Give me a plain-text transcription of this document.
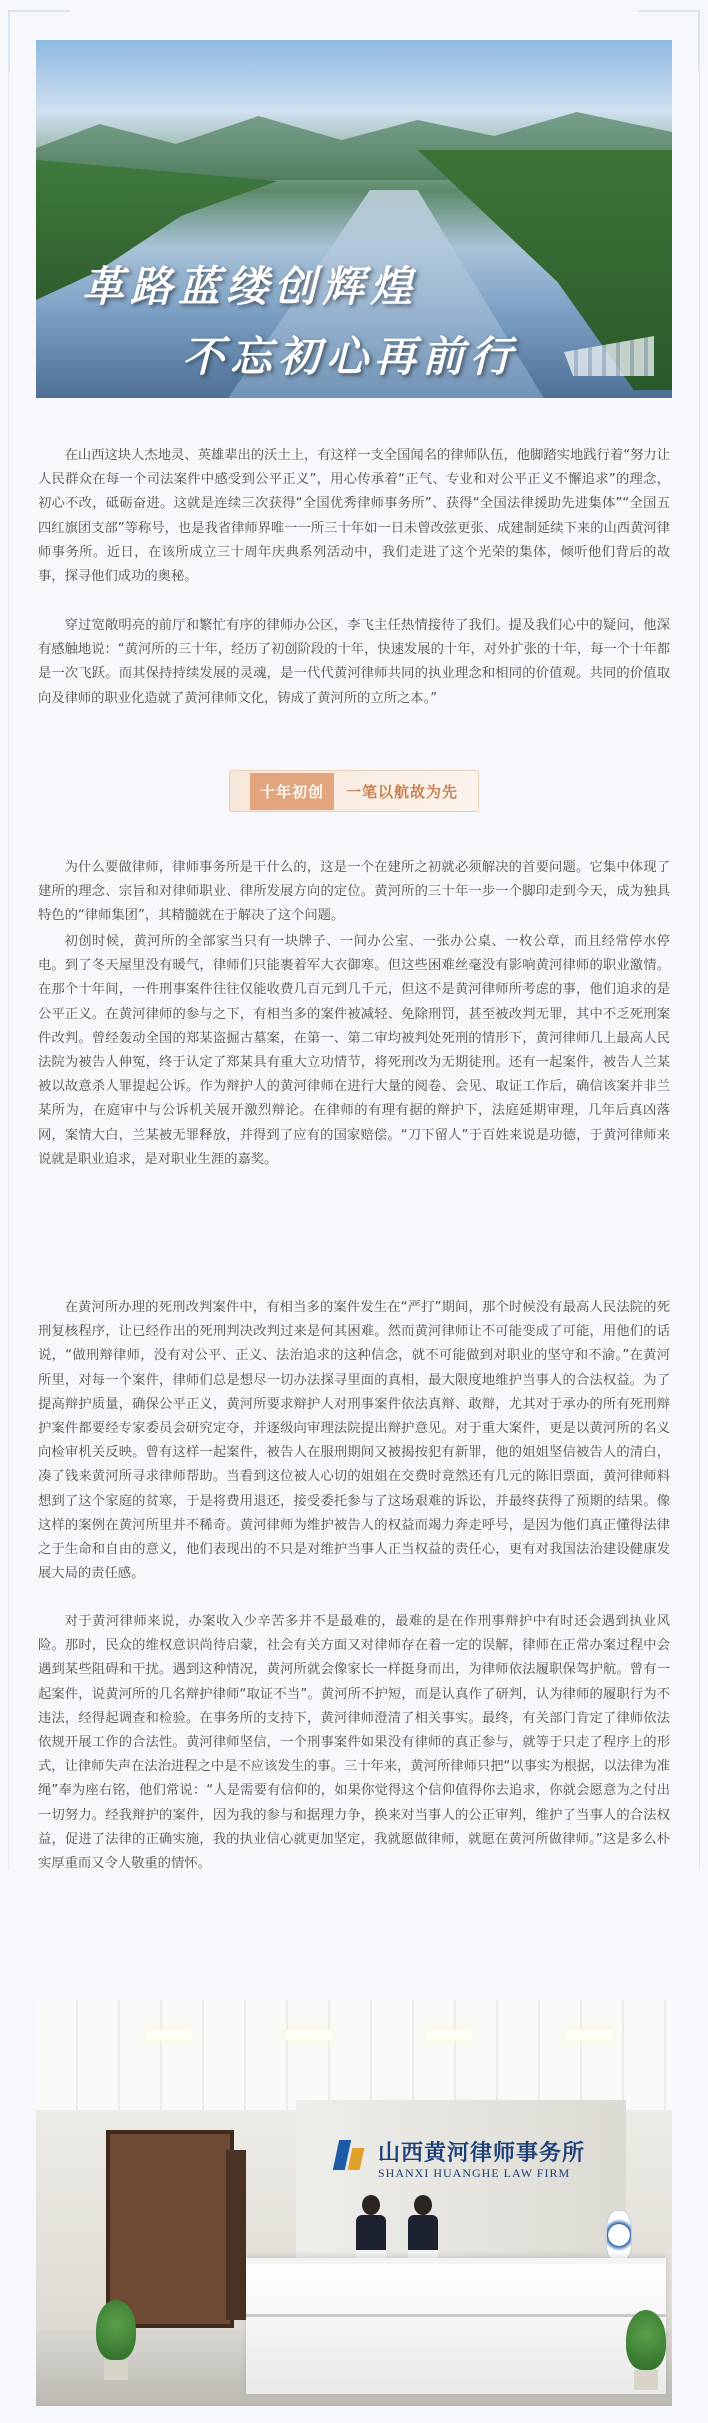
革路蓝缕创辉煌
不忘初心再前行

在山西这块人杰地灵、英雄辈出的沃土上，有这样一支全国闻名的律师队伍，他脚踏实地践行着“努力让人民群众在每一个司法案件中感受到公平正义”，用心传承着“正气、专业和对公平正义不懈追求”的理念，初心不改，砥砺奋进。这就是连续三次获得“全国优秀律师事务所”、获得“全国法律援助先进集体”“全国五四红旗团支部”等称号，也是我省律师界唯一一所三十年如一日未曾改弦更张、成建制延续下来的山西黄河律师事务所。近日，在该所成立三十周年庆典系列活动中，我们走进了这个光荣的集体，倾听他们背后的故事，探寻他们成功的奥秘。

穿过宽敞明亮的前厅和繁忙有序的律师办公区，李飞主任热情接待了我们。提及我们心中的疑问，他深有感触地说：“黄河所的三十年，经历了初创阶段的十年，快速发展的十年，对外扩张的十年，每一个十年都是一次飞跃。而其保持持续发展的灵魂，是一代代黄河律师共同的执业理念和相同的价值观。共同的价值取向及律师的职业化造就了黄河律师文化，铸成了黄河所的立所之本。”

十年初创	一笔以航故为先

为什么要做律师，律师事务所是干什么的，这是一个在建所之初就必须解决的首要问题。它集中体现了建所的理念、宗旨和对律师职业、律所发展方向的定位。黄河所的三十年一步一个脚印走到今天，成为独具特色的“律师集团”，其精髓就在于解决了这个问题。

初创时候，黄河所的全部家当只有一块牌子、一间办公室、一张办公桌、一枚公章，而且经常停水停电。到了冬天屋里没有暖气，律师们只能裹着军大衣御寒。但这些困难丝毫没有影响黄河律师的职业激情。在那个十年间，一件刑事案件往往仅能收费几百元到几千元，但这不是黄河律师所考虑的事，他们追求的是公平正义。在黄河律师的参与之下，有相当多的案件被减轻、免除刑罚，甚至被改判无罪，其中不乏死刑案件改判。曾经轰动全国的郑某盗掘古墓案，在第一、第二审均被判处死刑的情形下，黄河律师几上最高人民法院为被告人伸冤，终于认定了郑某具有重大立功情节，将死刑改为无期徒刑。还有一起案件，被告人兰某被以故意杀人罪提起公诉。作为辩护人的黄河律师在进行大量的阅卷、会见、取证工作后，确信该案并非兰某所为，在庭审中与公诉机关展开激烈辩论。在律师的有理有据的辩护下，法庭延期审理，几年后真凶落网，案情大白，兰某被无罪释放，并得到了应有的国家赔偿。“刀下留人”于百姓来说是功德，于黄河律师来说就是职业追求，是对职业生涯的嘉奖。

在黄河所办理的死刑改判案件中，有相当多的案件发生在“严打”期间，那个时候没有最高人民法院的死刑复核程序，让已经作出的死刑判决改判过来是何其困难。然而黄河律师让不可能变成了可能，用他们的话说，“做刑辩律师，没有对公平、正义、法治追求的这种信念，就不可能做到对职业的坚守和不渝。”在黄河所里，对每一个案件，律师们总是想尽一切办法探寻里面的真相，最大限度地维护当事人的合法权益。为了提高辩护质量，确保公平正义，黄河所要求辩护人对刑事案件依法真辩、敢辩，尤其对于承办的所有死刑辩护案件都要经专家委员会研究定夺，并逐级向审理法院提出辩护意见。对于重大案件，更是以黄河所的名义向检审机关反映。曾有这样一起案件，被告人在服刑期间又被揭按犯有新罪，他的姐姐坚信被告人的清白，凑了钱来黄河所寻求律师帮助。当看到这位被人心切的姐姐在交费时竟然还有几元的陈旧票面，黄河律师料想到了这个家庭的贫寒，于是将费用退还，接受委托参与了这场艰难的诉讼，并最终获得了预期的结果。像这样的案例在黄河所里并不稀奇。黄河律师为维护被告人的权益而竭力奔走呼号，是因为他们真正懂得法律之于生命和自由的意义，他们表现出的不只是对维护当事人正当权益的责任心，更有对我国法治建设健康发展大局的责任感。

对于黄河律师来说，办案收入少辛苦多并不是最难的，最难的是在作刑事辩护中有时还会遇到执业风险。那时，民众的维权意识尚待启蒙，社会有关方面又对律师存在着一定的误解，律师在正常办案过程中会遇到某些阻碍和干扰。遇到这种情况，黄河所就会像家长一样挺身而出，为律师依法履职保驾护航。曾有一起案件，说黄河所的几名辩护律师“取证不当”。黄河所不护短，而是认真作了研判，认为律师的履职行为不违法，经得起调查和检验。在事务所的支持下，黄河律师澄清了相关事实。最终，有关部门肯定了律师依法依规开展工作的合法性。黄河律师坚信，一个刑事案件如果没有律师的真正参与，就等于只走了程序上的形式，让律师失声在法治进程之中是不应该发生的事。三十年来，黄河所律师只把“以事实为根据，以法律为准绳”奉为座右铭，他们常说：“人是需要有信仰的，如果你觉得这个信仰值得你去追求，你就会愿意为之付出一切努力。经我辩护的案件，因为我的参与和据理力争，换来对当事人的公正审判，维护了当事人的合法权益，促进了法律的正确实施，我的执业信心就更加坚定，我就愿做律师，就愿在黄河所做律师。”这是多么朴实厚重而又令人敬重的情怀。

山西黄河律师事务所
SHANXI HUANGHE LAW FIRM
